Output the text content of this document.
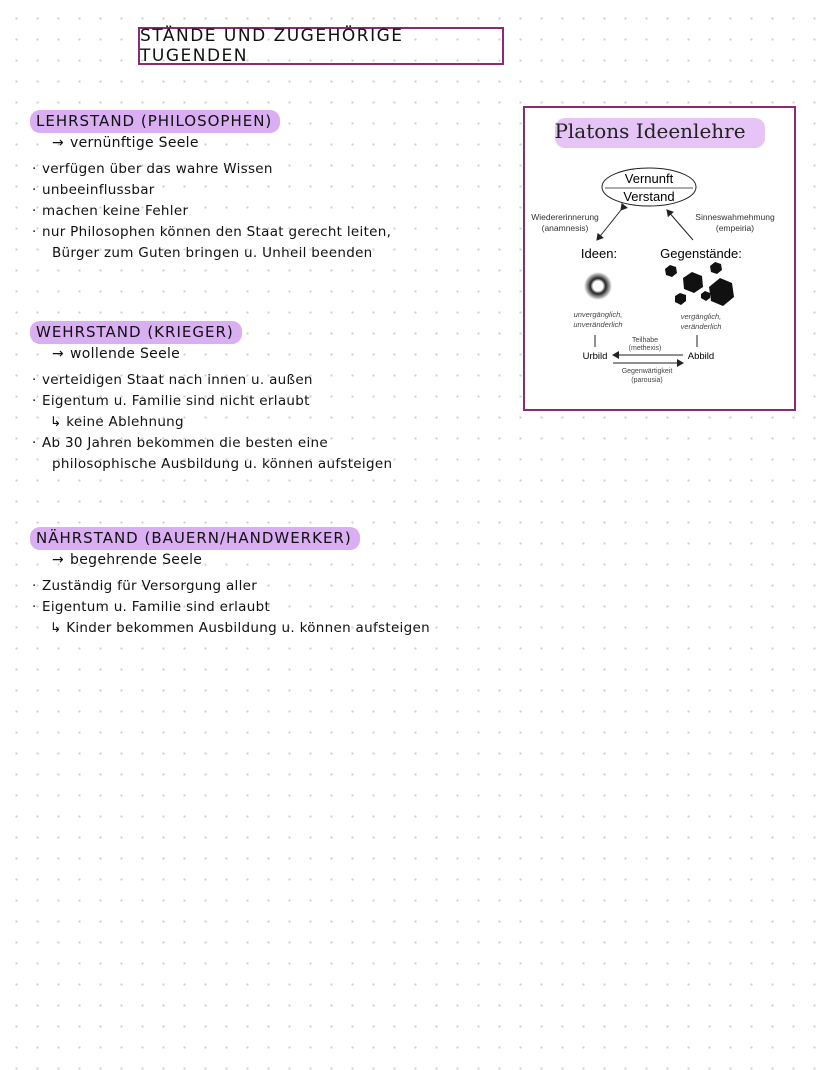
STÄNDE UND ZUGEHÖRIGE TUGENDEN
LEHRSTAND (PHILOSOPHEN)
→ vernünftige Seele
· verfügen über das wahre Wissen
· unbeeinflussbar
· machen keine Fehler
· nur Philosophen können den Staat gerecht leiten,
Bürger zum Guten bringen u. Unheil beenden
WEHRSTAND (KRIEGER)
→ wollende Seele
· verteidigen Staat nach innen u. außen
· Eigentum u. Familie sind nicht erlaubt
↳ keine Ablehnung
· Ab 30 Jahren bekommen die besten eine
philosophische Ausbildung u. können aufsteigen
NÄHRSTAND (BAUERN/HANDWERKER)
→ begehrende Seele
· Zuständig für Versorgung aller
· Eigentum u. Familie sind erlaubt
↳ Kinder bekommen Ausbildung u. können aufsteigen
Platons Ideenlehre
Vernunft
Verstand
Wiedererinnerung
(anamnesis)
Sinneswahmehmung
(empeiria)
Ideen:	Gegenstände:
unvergänglich,
unveränderlich
vergänglich,
veränderlich
Teilhabe
(methexis)
Urbild	Abbild
Gegenwärtigkeit
(parousia)
